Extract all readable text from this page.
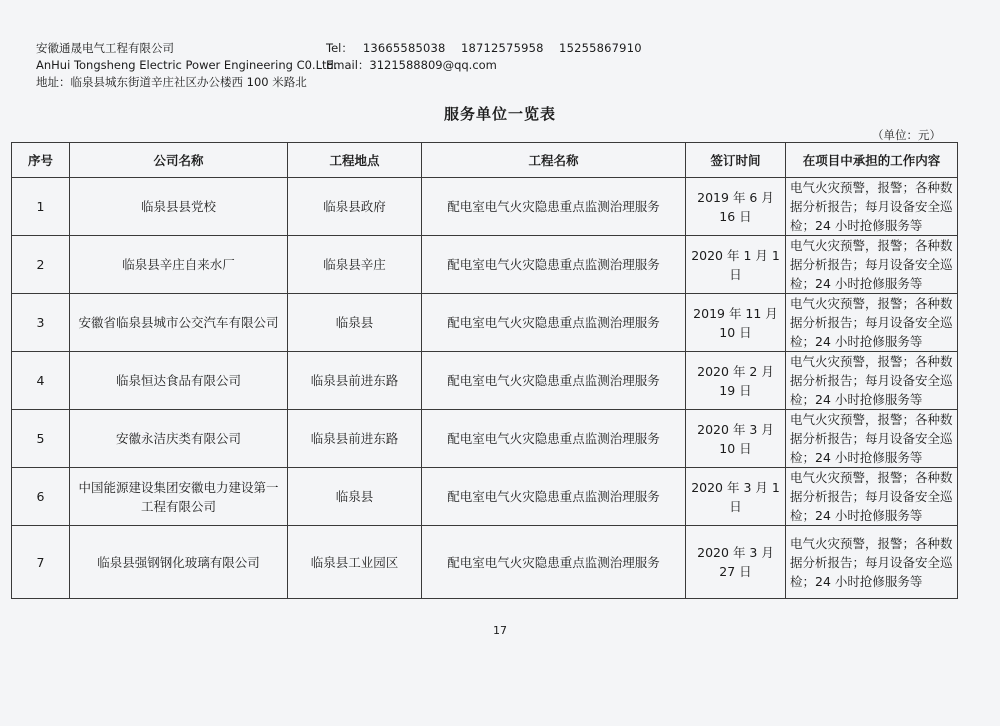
安徽通晟电气工程有限公司	Tel： 13665585038    18712575958    15255867910
AnHui Tongsheng Electric Power Engineering C0.Ltd.
Email：3121588809@qq.com
地址：临泉县城东街道辛庄社区办公楼西 100 米路北
服务单位一览表
（单位：元）
序号	公司名称	工程地点	工程名称	签订时间	在项目中承担的工作内容
1	临泉县县党校	临泉县政府	配电室电气火灾隐患重点监测治理服务	2019 年 6 月 16 日	电气火灾预警，报警；各种数据分析报告；每月设备安全巡检；24 小时抢修服务等
2	临泉县辛庄自来水厂	临泉县辛庄	配电室电气火灾隐患重点监测治理服务	2020 年 1 月 1 日	电气火灾预警，报警；各种数据分析报告；每月设备安全巡检；24 小时抢修服务等
3	安徽省临泉县城市公交汽车有限公司	临泉县	配电室电气火灾隐患重点监测治理服务	2019 年 11 月 10 日	电气火灾预警，报警；各种数据分析报告；每月设备安全巡检；24 小时抢修服务等
4	临泉恒达食品有限公司	临泉县前进东路	配电室电气火灾隐患重点监测治理服务	2020 年 2 月 19 日	电气火灾预警，报警；各种数据分析报告；每月设备安全巡检；24 小时抢修服务等
5	安徽永洁庆类有限公司	临泉县前进东路	配电室电气火灾隐患重点监测治理服务	2020 年 3 月 10 日	电气火灾预警，报警；各种数据分析报告；每月设备安全巡检；24 小时抢修服务等
6	中国能源建设集团安徽电力建设第一工程有限公司	临泉县	配电室电气火灾隐患重点监测治理服务	2020 年 3 月 1 日	电气火灾预警，报警；各种数据分析报告；每月设备安全巡检；24 小时抢修服务等
7	临泉县强钢钢化玻璃有限公司	临泉县工业园区	配电室电气火灾隐患重点监测治理服务	2020 年 3 月 27 日	电气火灾预警，报警；各种数据分析报告；每月设备安全巡检；24 小时抢修服务等
17
